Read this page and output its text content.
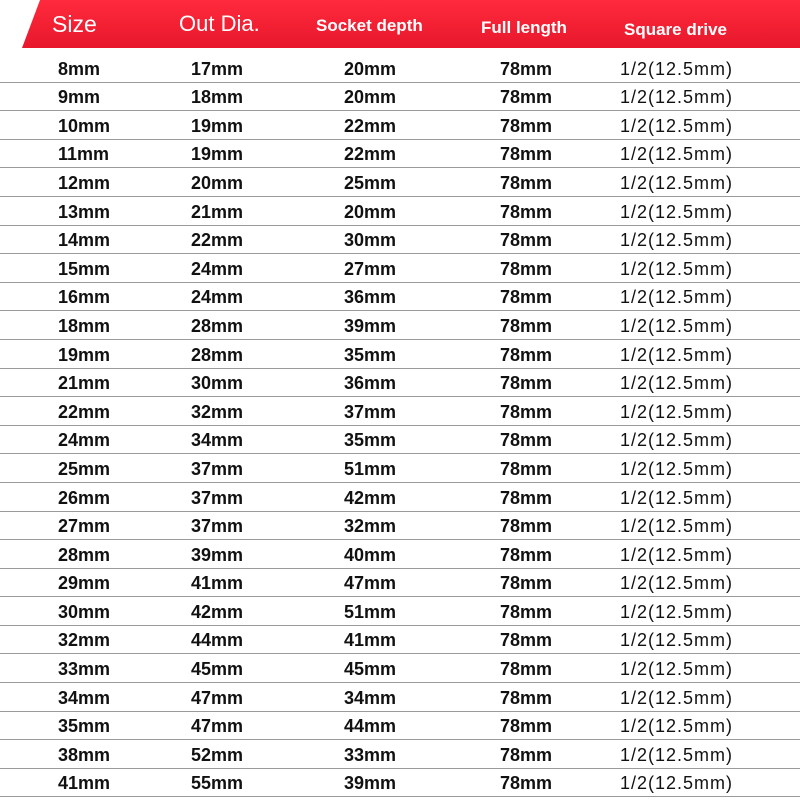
Size	Out Dia.	Socket depth	Full length	Square drive
8mm	17mm	20mm	78mm	1/2(12.5mm)
9mm	18mm	20mm	78mm	1/2(12.5mm)
10mm	19mm	22mm	78mm	1/2(12.5mm)
11mm	19mm	22mm	78mm	1/2(12.5mm)
12mm	20mm	25mm	78mm	1/2(12.5mm)
13mm	21mm	20mm	78mm	1/2(12.5mm)
14mm	22mm	30mm	78mm	1/2(12.5mm)
15mm	24mm	27mm	78mm	1/2(12.5mm)
16mm	24mm	36mm	78mm	1/2(12.5mm)
18mm	28mm	39mm	78mm	1/2(12.5mm)
19mm	28mm	35mm	78mm	1/2(12.5mm)
21mm	30mm	36mm	78mm	1/2(12.5mm)
22mm	32mm	37mm	78mm	1/2(12.5mm)
24mm	34mm	35mm	78mm	1/2(12.5mm)
25mm	37mm	51mm	78mm	1/2(12.5mm)
26mm	37mm	42mm	78mm	1/2(12.5mm)
27mm	37mm	32mm	78mm	1/2(12.5mm)
28mm	39mm	40mm	78mm	1/2(12.5mm)
29mm	41mm	47mm	78mm	1/2(12.5mm)
30mm	42mm	51mm	78mm	1/2(12.5mm)
32mm	44mm	41mm	78mm	1/2(12.5mm)
33mm	45mm	45mm	78mm	1/2(12.5mm)
34mm	47mm	34mm	78mm	1/2(12.5mm)
35mm	47mm	44mm	78mm	1/2(12.5mm)
38mm	52mm	33mm	78mm	1/2(12.5mm)
41mm	55mm	39mm	78mm	1/2(12.5mm)
